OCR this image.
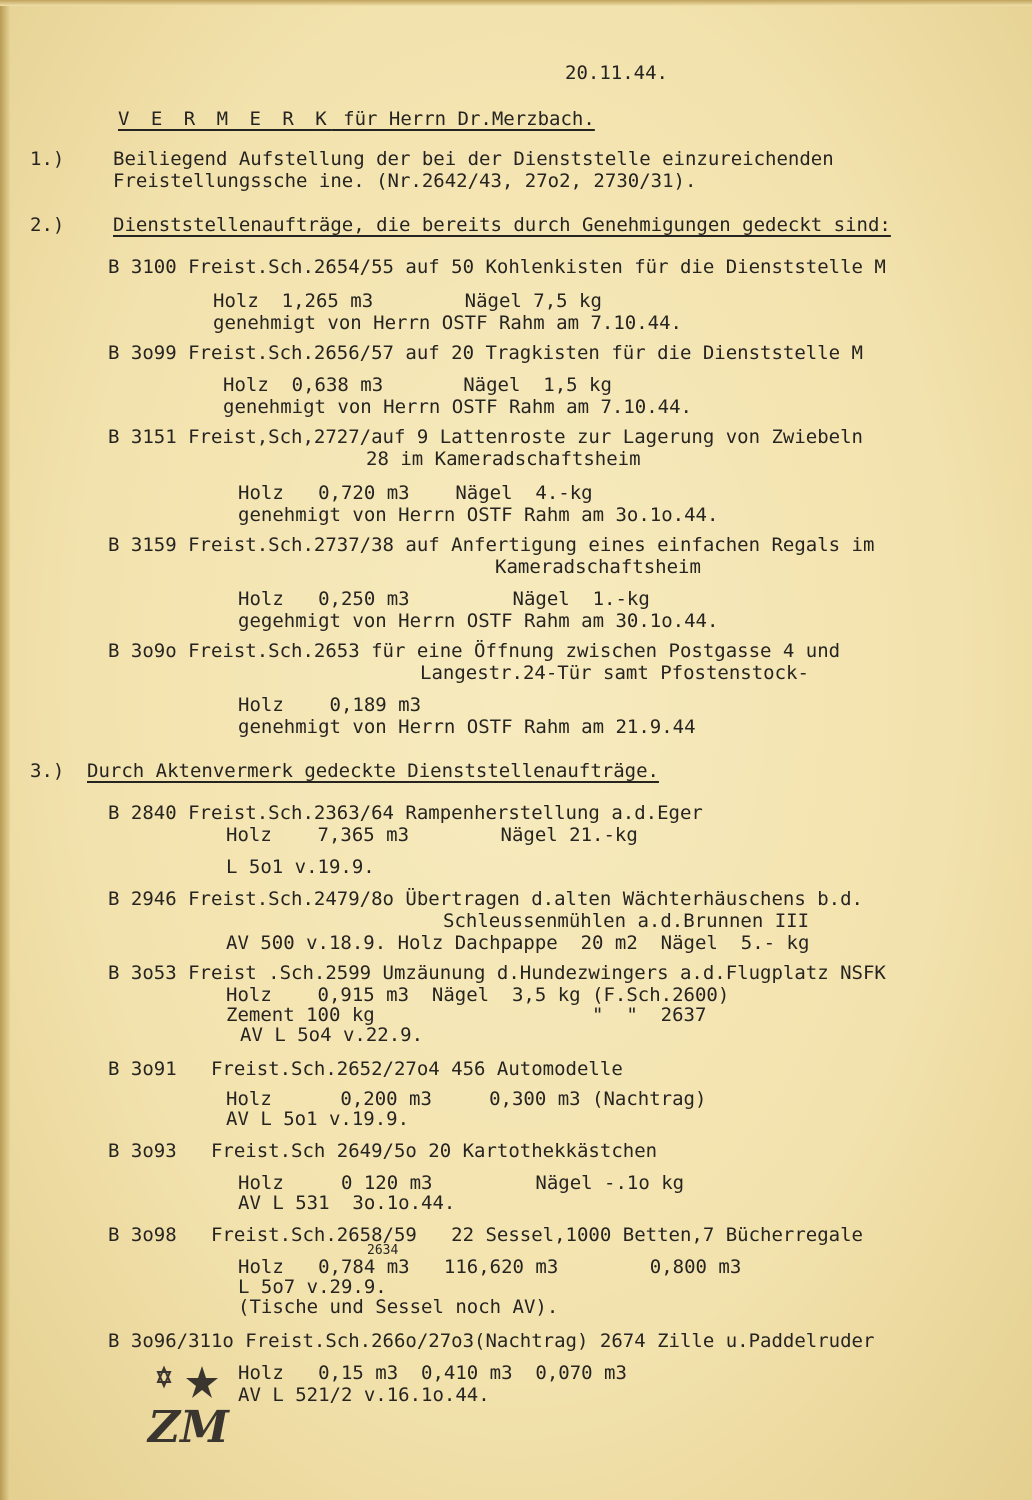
20.11.44.
V E R M E R K für Herrn Dr.Merzbach.
1.)	Beiliegend Aufstellung der bei der Dienststelle einzureichenden
Freistellungssche ine. (Nr.2642/43, 27o2, 2730/31).
2.)	Dienststellenaufträge, die bereits durch Genehmigungen gedeckt sind:
B 3100 Freist.Sch.2654/55 auf 50 Kohlenkisten für die Dienststelle M
Holz  1,265 m3        Nägel 7,5 kg
genehmigt von Herrn OSTF Rahm am 7.10.44.
B 3o99 Freist.Sch.2656/57 auf 20 Tragkisten für die Dienststelle M
Holz  0,638 m3       Nägel  1,5 kg
genehmigt von Herrn OSTF Rahm am 7.10.44.
B 3151 Freist,Sch,2727/auf 9 Lattenroste zur Lagerung von Zwiebeln
28 im Kameradschaftsheim
Holz   0,720 m3    Nägel  4.-kg
genehmigt von Herrn OSTF Rahm am 3o.1o.44.
B 3159 Freist.Sch.2737/38 auf Anfertigung eines einfachen Regals im
Kameradschaftsheim
Holz   0,250 m3         Nägel  1.-kg
gegehmigt von Herrn OSTF Rahm am 30.1o.44.
B 3o9o Freist.Sch.2653 für eine Öffnung zwischen Postgasse 4 und
Langestr.24-Tür samt Pfostenstock-
Holz    0,189 m3
genehmigt von Herrn OSTF Rahm am 21.9.44
3.) Durch Aktenvermerk gedeckte Dienststellenaufträge.
B 2840 Freist.Sch.2363/64 Rampenherstellung a.d.Eger
Holz    7,365 m3        Nägel 21.-kg
L 5o1 v.19.9.
B 2946 Freist.Sch.2479/8o Übertragen d.alten Wächterhäuschens b.d.
Schleussenmühlen a.d.Brunnen III
AV 500 v.18.9. Holz Dachpappe  20 m2  Nägel  5.- kg
B 3o53 Freist .Sch.2599 Umzäunung d.Hundezwingers a.d.Flugplatz NSFK
Holz    0,915 m3  Nägel  3,5 kg (F.Sch.2600)
Zement 100 kg                   "  "  2637
AV L 5o4 v.22.9.
B 3o91   Freist.Sch.2652/27o4 456 Automodelle
Holz      0,200 m3     0,300 m3 (Nachtrag)
AV L 5o1 v.19.9.
B 3o93   Freist.Sch 2649/5o 20 Kartothekkästchen
Holz     0 120 m3         Nägel -.1o kg
AV L 531  3o.1o.44.
B 3o98   Freist.Sch.2658/59   22 Sessel,1000 Betten,7 Bücherregale
2634
Holz   0,784 m3   116,620 m3        0,800 m3
L 5o7 v.29.9.
(Tische und Sessel noch AV).
B 3o96/311o Freist.Sch.266o/27o3(Nachtrag) 2674 Zille u.Paddelruder
Holz   0,15 m3  0,410 m3  0,070 m3
AV L 521/2 v.16.1o.44.
ZM
